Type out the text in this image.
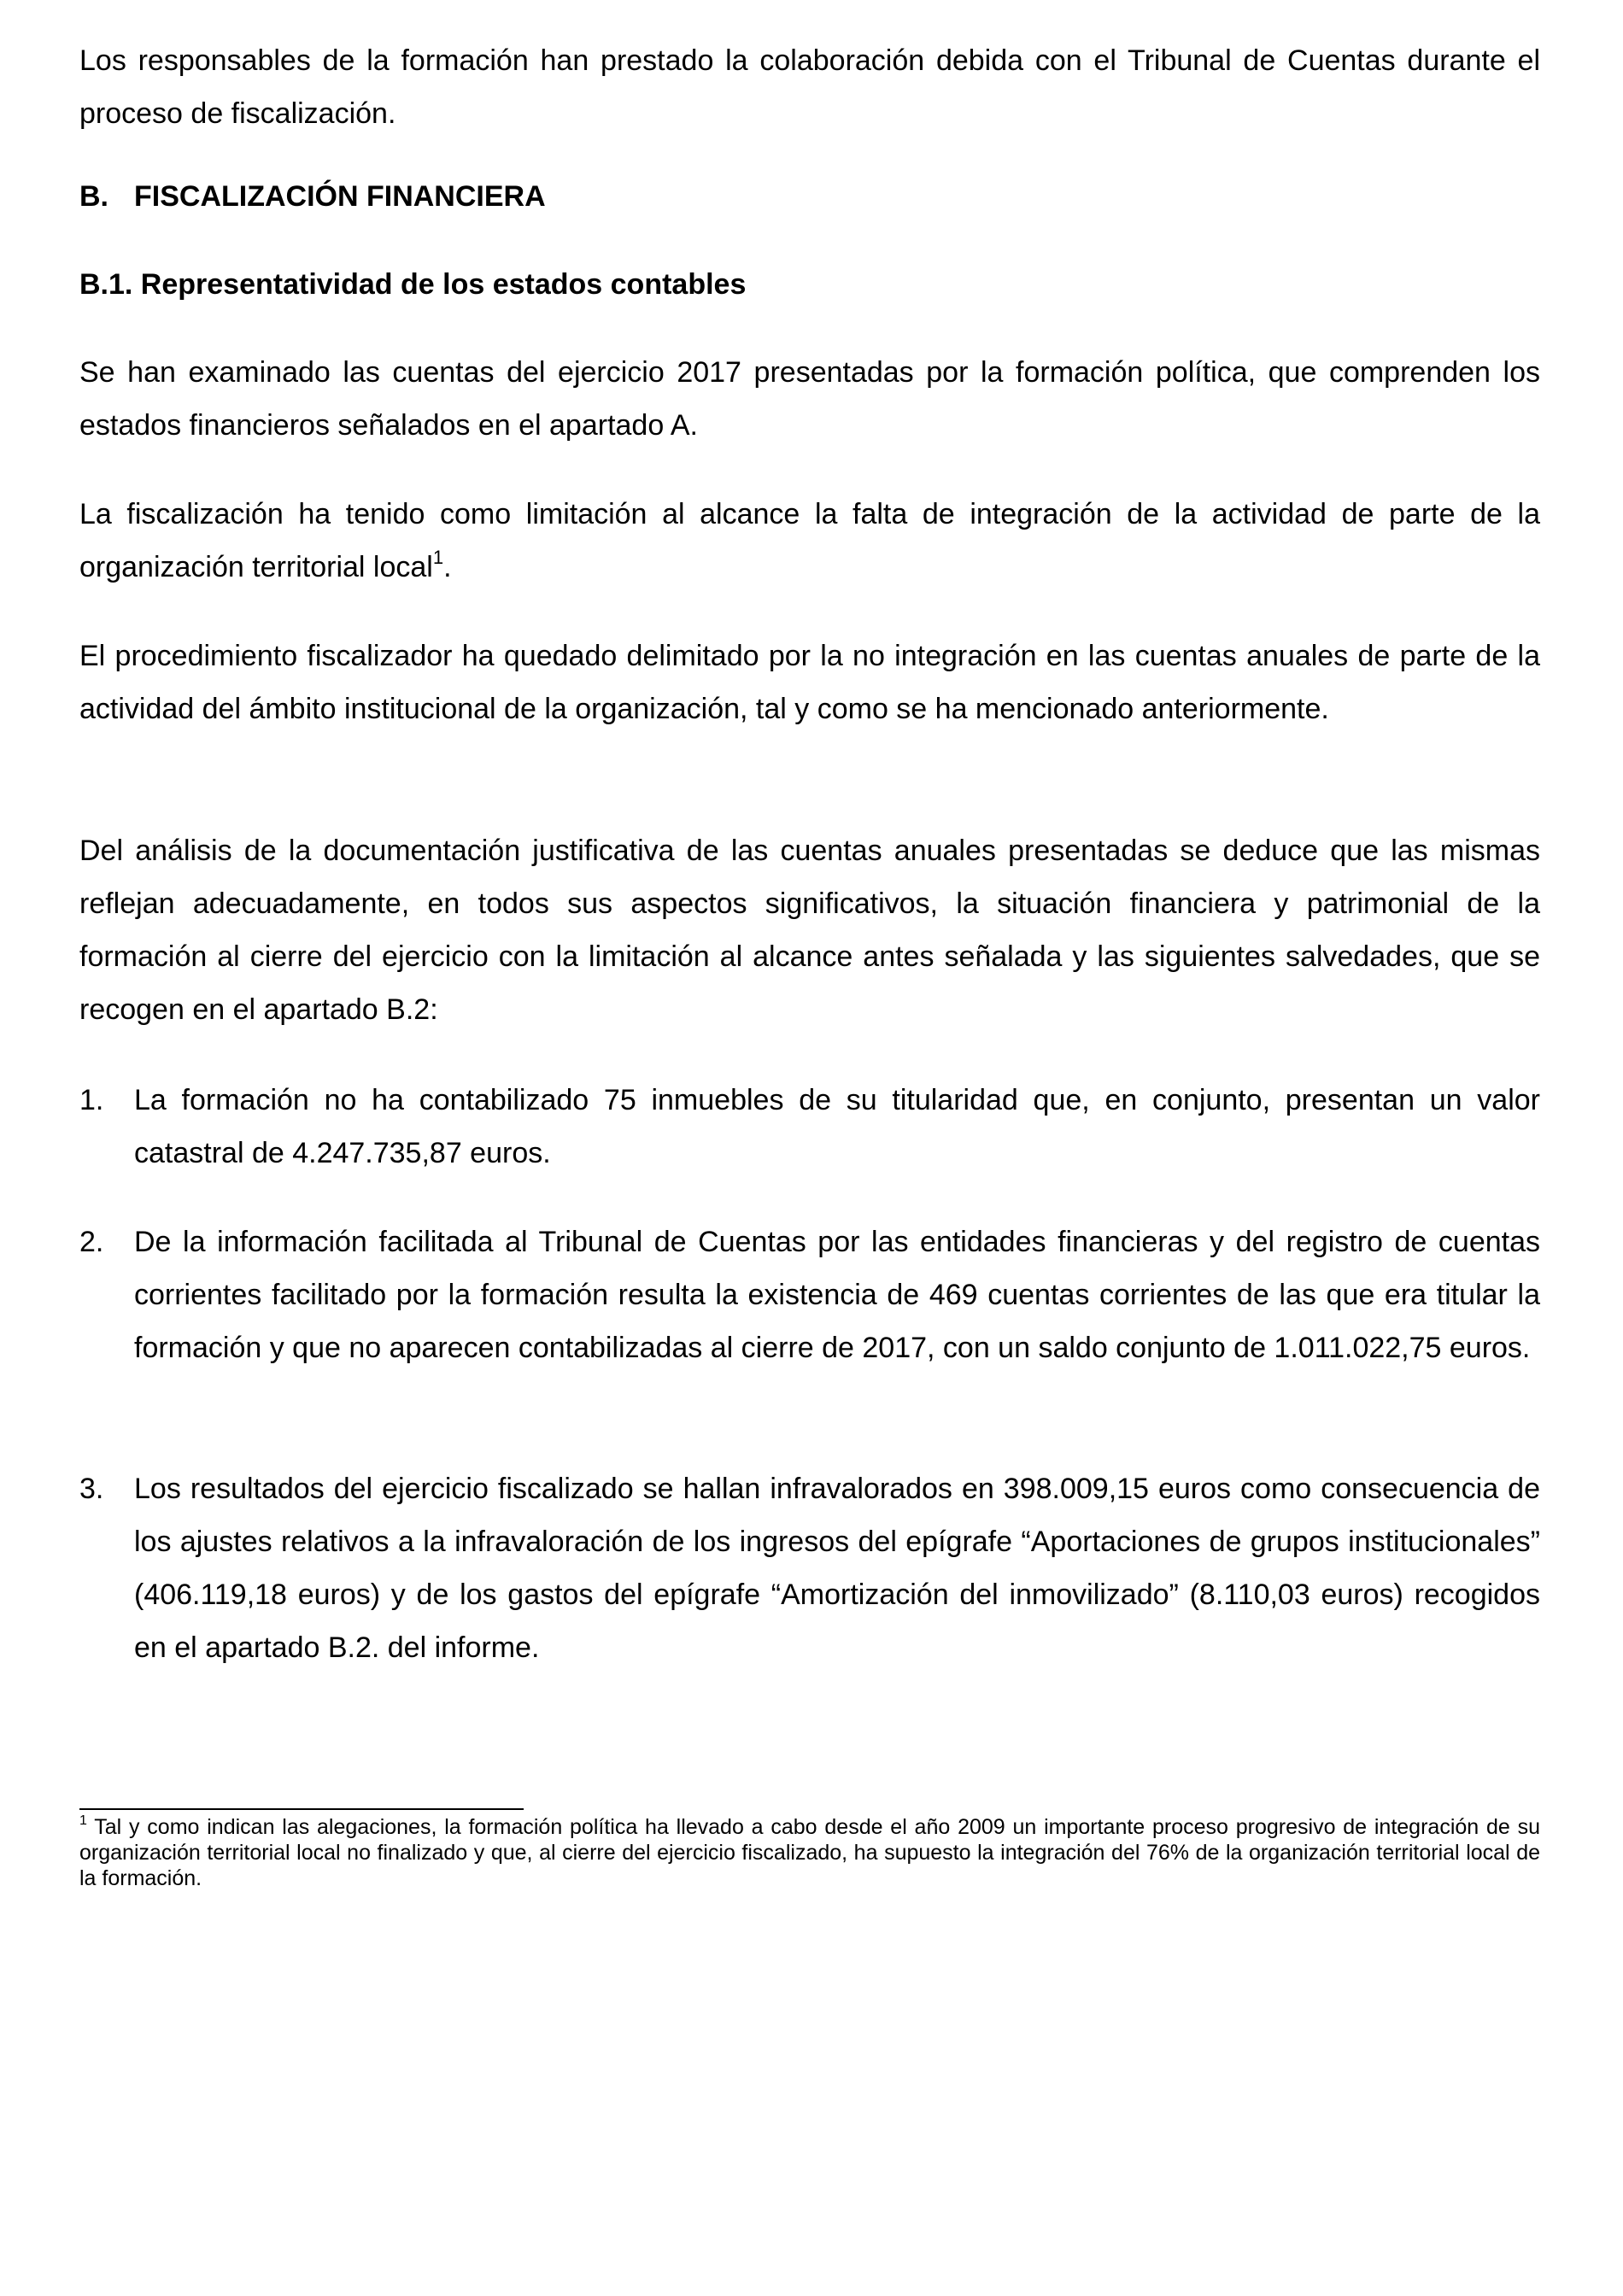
Los responsables de la formación han prestado la colaboración debida con el Tribunal de Cuentas durante el proceso de fiscalización.

B. FISCALIZACIÓN FINANCIERA

B.1. Representatividad de los estados contables

Se han examinado las cuentas del ejercicio 2017 presentadas por la formación política, que comprenden los estados financieros señalados en el apartado A.

La fiscalización ha tenido como limitación al alcance la falta de integración de la actividad de parte de la organización territorial local$^1$.

El procedimiento fiscalizador ha quedado delimitado por la no integración en las cuentas anuales de parte de la actividad del ámbito institucional de la organización, tal y como se ha mencionado anteriormente.

Del análisis de la documentación justificativa de las cuentas anuales presentadas se deduce que las mismas reflejan adecuadamente, en todos sus aspectos significativos, la situación financiera y patrimonial de la formación al cierre del ejercicio con la limitación al alcance antes señalada y las siguientes salvedades, que se recogen en el apartado B.2:

1.	La formación no ha contabilizado 75 inmuebles de su titularidad que, en conjunto, presentan un valor catastral de 4.247.735,87 euros.
2.	De la información facilitada al Tribunal de Cuentas por las entidades financieras y del registro de cuentas corrientes facilitado por la formación resulta la existencia de 469 cuentas corrientes de las que era titular la formación y que no aparecen contabilizadas al cierre de 2017, con un saldo conjunto de 1.011.022,75 euros.
3.	Los resultados del ejercicio fiscalizado se hallan infravalorados en 398.009,15 euros como consecuencia de los ajustes relativos a la infravaloración de los ingresos del epígrafe “Aportaciones de grupos institucionales” (406.119,18 euros) y de los gastos del epígrafe “Amortización del inmovilizado” (8.110,03 euros) recogidos en el apartado B.2. del informe.

$^1$ Tal y como indican las alegaciones, la formación política ha llevado a cabo desde el año 2009 un importante proceso progresivo de integración de su organización territorial local no finalizado y que, al cierre del ejercicio fiscalizado, ha supuesto la integración del 76% de la organización territorial local de la formación.
